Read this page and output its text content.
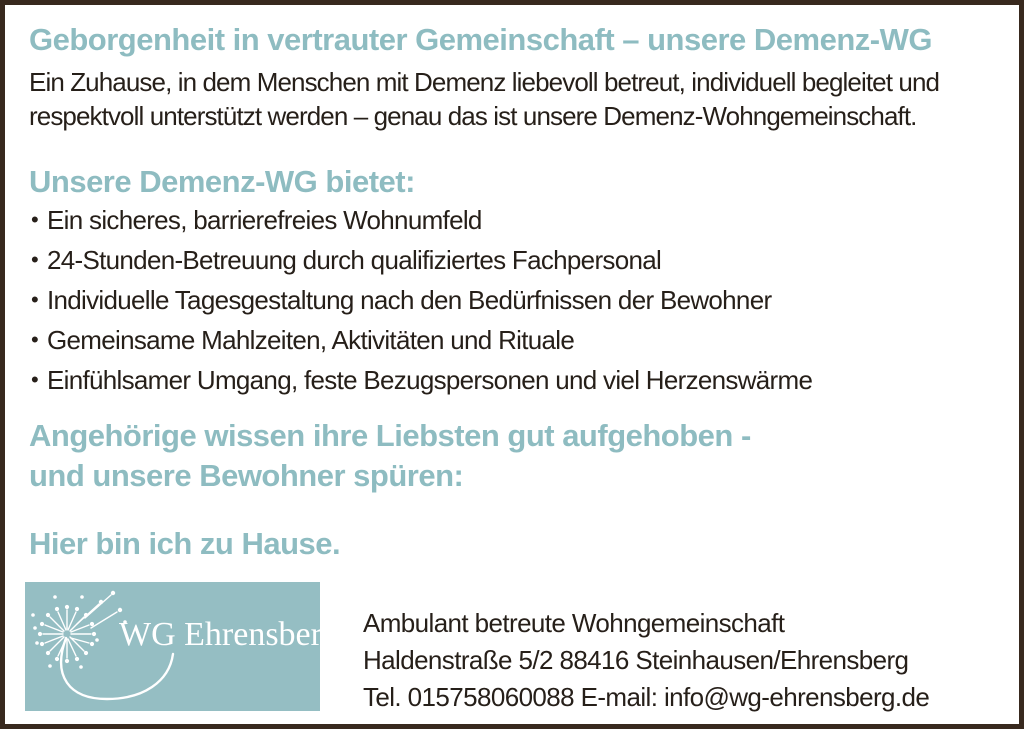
Geborgenheit in vertrauter Gemeinschaft – unsere Demenz-WG
Ein Zuhause, in dem Menschen mit Demenz liebevoll betreut, individuell begleitet und
respektvoll unterstützt werden – genau das ist unsere Demenz-Wohngemeinschaft.
Unsere Demenz-WG bietet:
• Ein sicheres, barrierefreies Wohnumfeld
• 24-Stunden-Betreuung durch qualifiziertes Fachpersonal
• Individuelle Tagesgestaltung nach den Bedürfnissen der Bewohner
• Gemeinsame Mahlzeiten, Aktivitäten und Rituale
• Einfühlsamer Umgang, feste Bezugspersonen und viel Herzenswärme
Angehörige wissen ihre Liebsten gut aufgehoben -
und unsere Bewohner spüren:
Hier bin ich zu Hause.
WG Ehrensberg Ambulant betreute Wohngemeinschaft
Haldenstraße 5/2 88416 Steinhausen/Ehrensberg
Tel. 015758060088 E-mail: info@wg-ehrensberg.de
